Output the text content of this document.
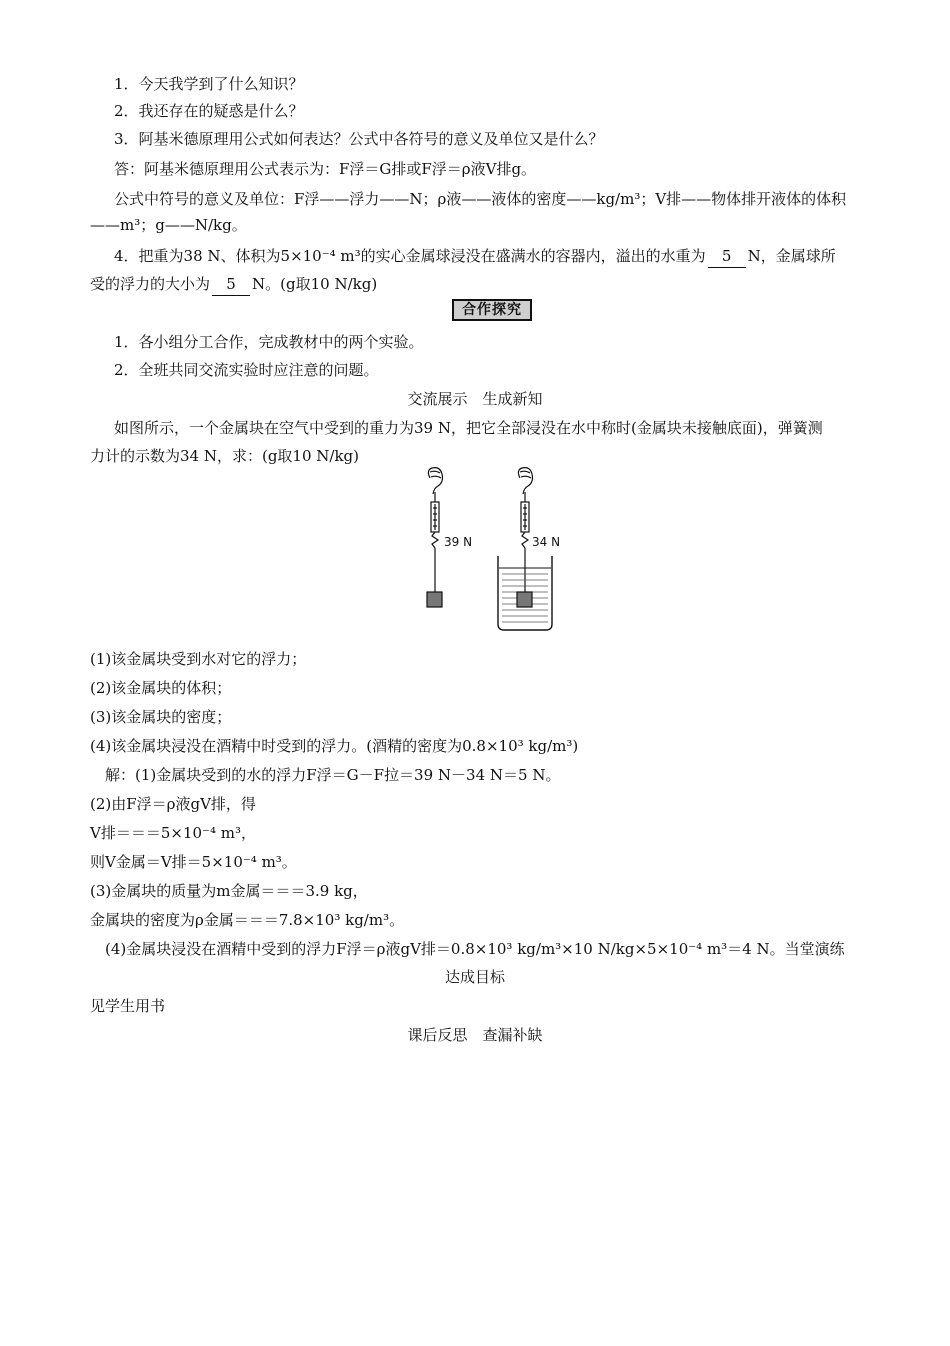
1．今天我学到了什么知识？
2．我还存在的疑惑是什么？
3．阿基米德原理用公式如何表达？公式中各符号的意义及单位又是什么？
答：阿基米德原理用公式表示为：F浮＝G排或F浮＝ρ液V排g。
公式中符号的意义及单位：F浮——浮力——N；ρ液——液体的密度——kg/m³；V排——物体排开液体的体积
——m³；g——N/kg。
4．把重为38 N、体积为5×10⁻⁴ m³的实心金属球浸没在盛满水的容器内，溢出的水重为 5 N，金属球所
受的浮力的大小为 5 N。(g取10 N/kg)
合作探究
1．各小组分工合作，完成教材中的两个实验。
2．全班共同交流实验时应注意的问题。
交流展示　生成新知
如图所示，一个金属块在空气中受到的重力为39 N，把它全部浸没在水中称时(金属块未接触底面)，弹簧测
力计的示数为34 N，求：(g取10 N/kg)
39 N	34 N
(1)该金属块受到水对它的浮力；
(2)该金属块的体积；
(3)该金属块的密度；
(4)该金属块浸没在酒精中时受到的浮力。(酒精的密度为0.8×10³ kg/m³)
解：(1)金属块受到的水的浮力F浮＝G－F拉＝39 N－34 N＝5 N。
(2)由F浮＝ρ液gV排，得
V排＝＝＝5×10⁻⁴ m³，
则V金属＝V排＝5×10⁻⁴ m³。
(3)金属块的质量为m金属＝＝＝3.9 kg，
金属块的密度为ρ金属＝＝＝7.8×10³ kg/m³。
(4)金属块浸没在酒精中受到的浮力F浮＝ρ液gV排＝0.8×10³ kg/m³×10 N/kg×5×10⁻⁴ m³＝4 N。当堂演练
达成目标
见学生用书
课后反思　查漏补缺
